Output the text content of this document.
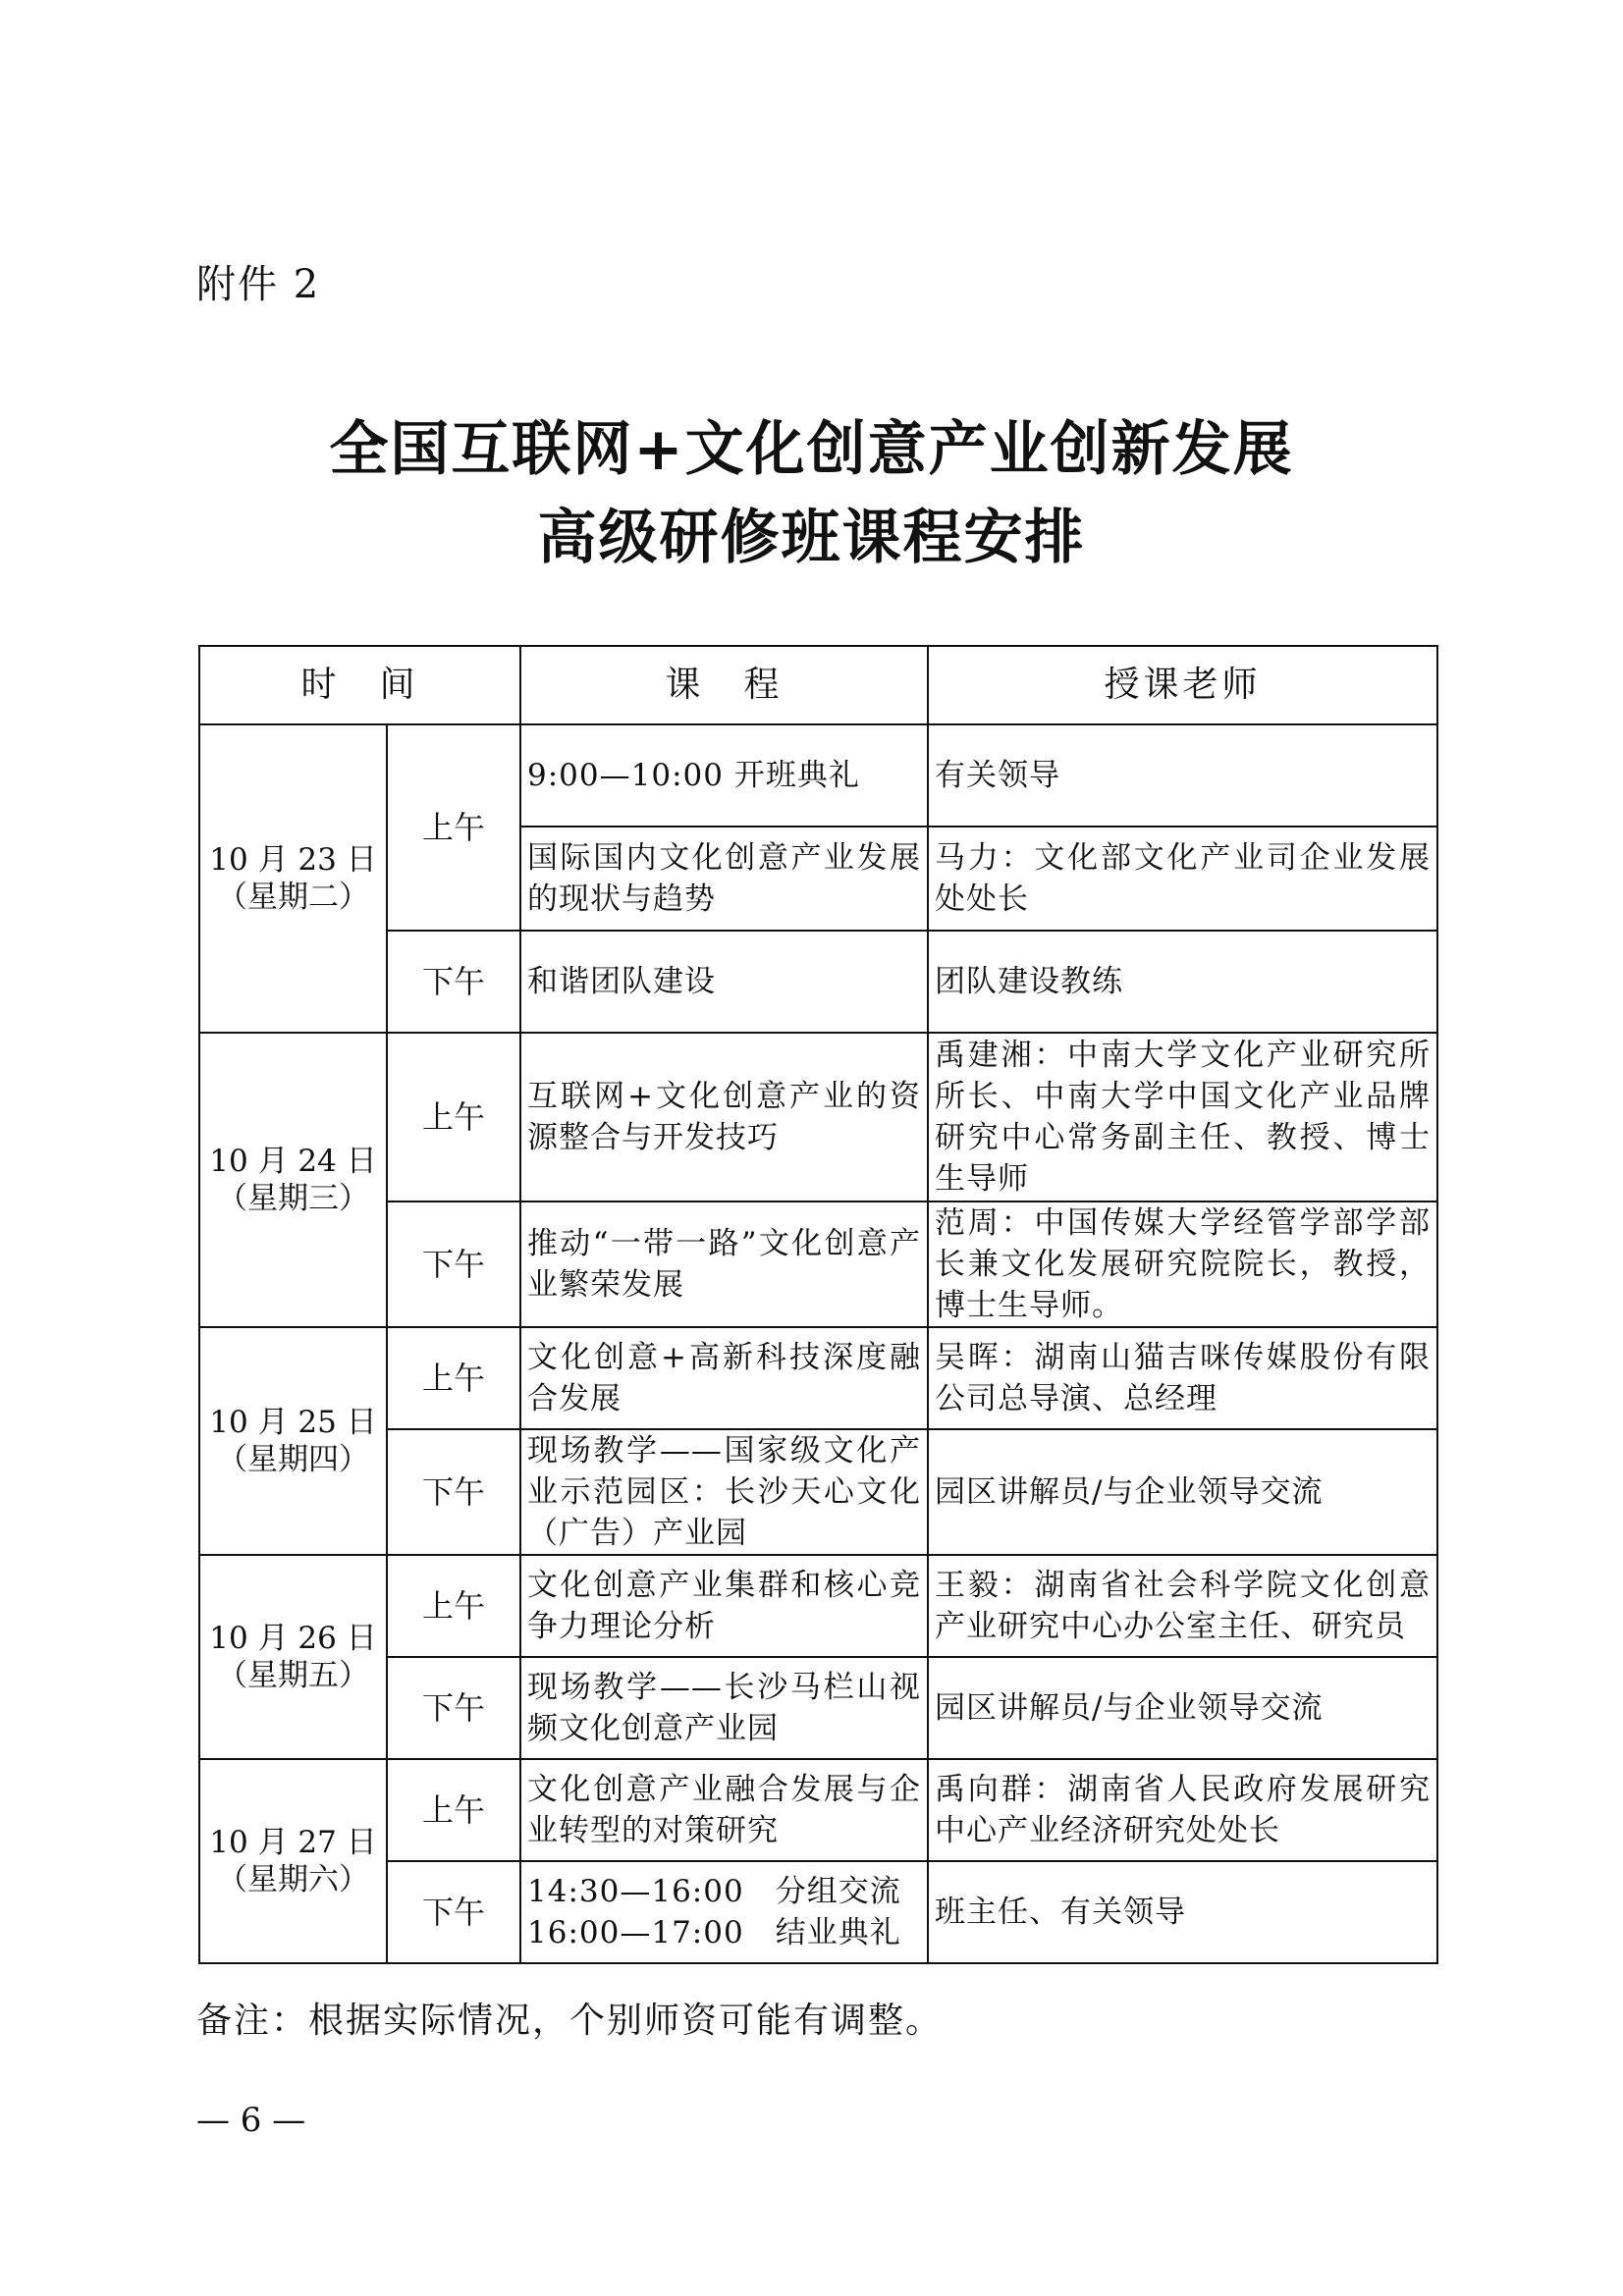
附件 2
全国互联网+文化创意产业创新发展
高级研修班课程安排
时　间		课　程	授课老师

10 月 23 日
（星期二）	上午	9:00—10:00 开班典礼	有关领导
		国际国内文化创意产业发展的现状与趋势	马力：文化部文化产业司企业发展处处长
	下午	和谐团队建设	团队建设教练

10 月 24 日
（星期三）	上午	互联网+文化创意产业的资源整合与开发技巧	禹建湘：中南大学文化产业研究所所长、中南大学中国文化产业品牌研究中心常务副主任、教授、博士生导师
	下午	推动“一带一路”文化创意产业繁荣发展	范周：中国传媒大学经管学部学部长兼文化发展研究院院长，教授，博士生导师。

10 月 25 日
（星期四）	上午	文化创意+高新科技深度融合发展	吴晖：湖南山猫吉咪传媒股份有限公司总导演、总经理
	下午	现场教学——国家级文化产业示范园区：长沙天心文化（广告）产业园	园区讲解员/与企业领导交流

10 月 26 日
（星期五）	上午	文化创意产业集群和核心竞争力理论分析	王毅：湖南省社会科学院文化创意产业研究中心办公室主任、研究员
	下午	现场教学——长沙马栏山视频文化创意产业园	园区讲解员/与企业领导交流

10 月 27 日
（星期六）	上午	文化创意产业融合发展与企业转型的对策研究	禹向群：湖南省人民政府发展研究中心产业经济研究处处长
	下午	14:30—16:00　分组交流
16:00—17:00　结业典礼	班主任、有关领导
备注：根据实际情况，个别师资可能有调整。
— 6 —
